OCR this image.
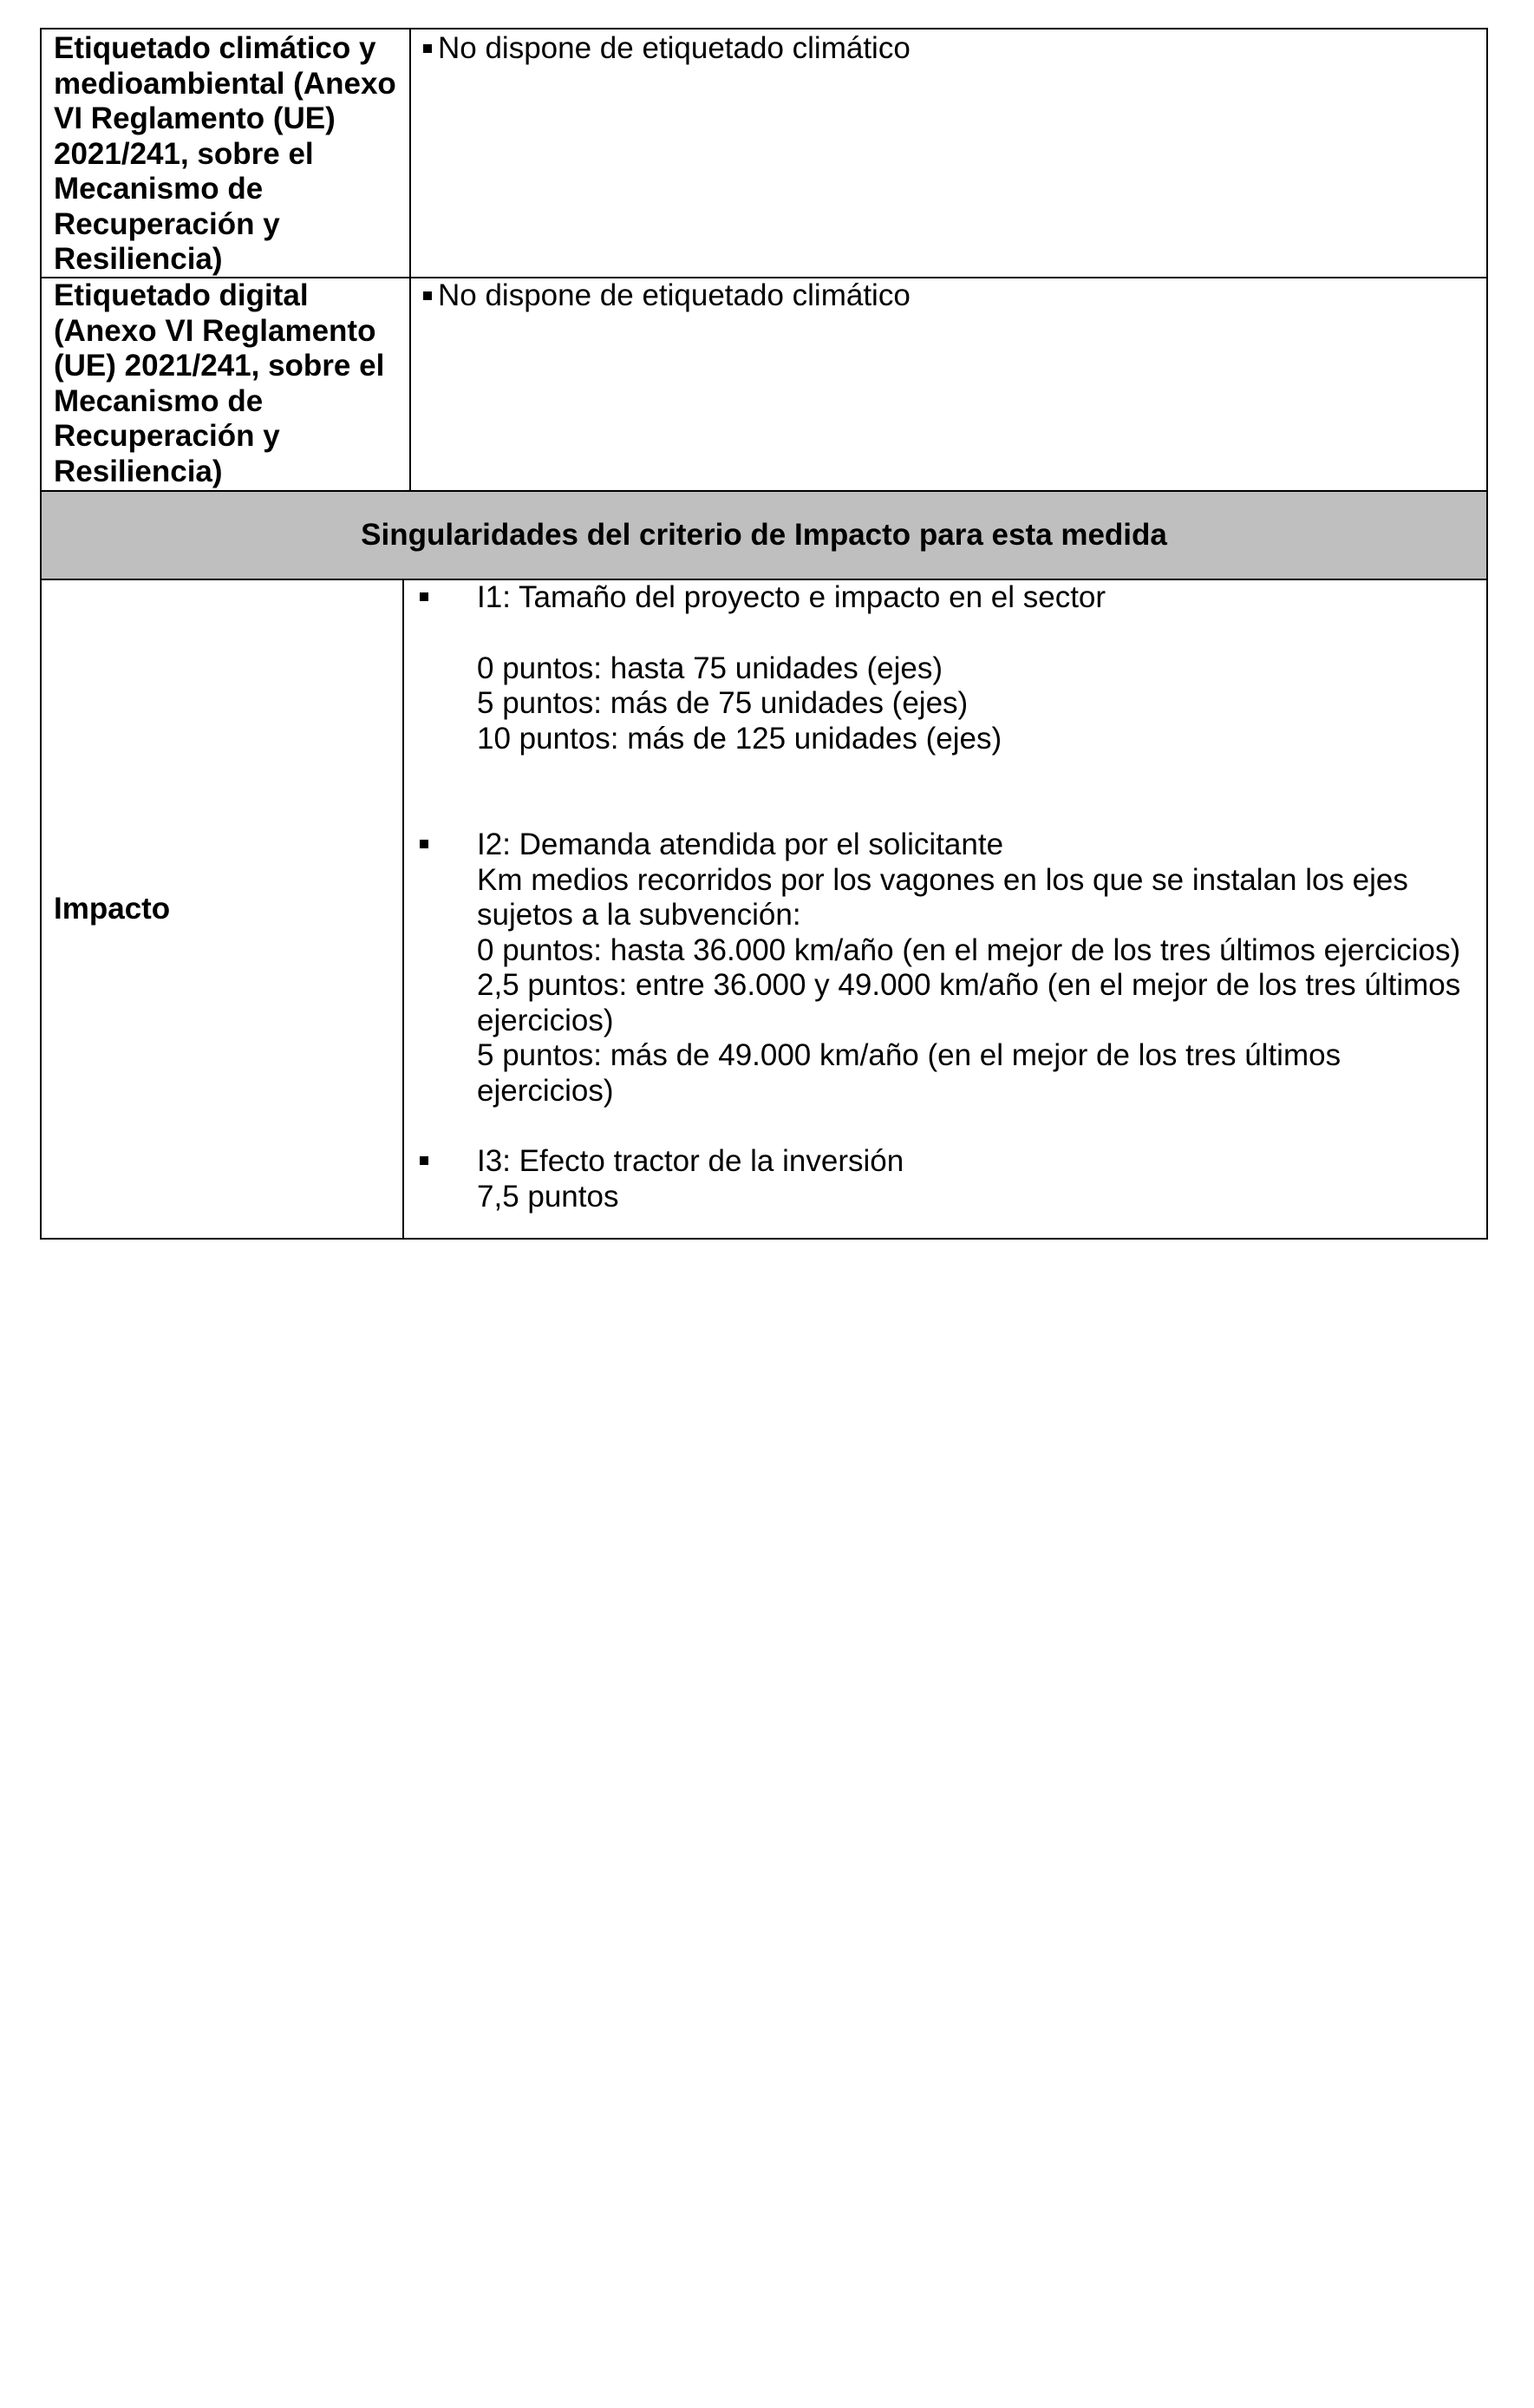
Etiquetado climático y medioambiental (Anexo VI Reglamento (UE) 2021/241, sobre el Mecanismo de Recuperación y Resiliencia)
No dispone de etiquetado climático
Etiquetado digital (Anexo VI Reglamento (UE) 2021/241, sobre el Mecanismo de Recuperación y Resiliencia)
No dispone de etiquetado climático
Singularidades del criterio de Impacto para esta medida
Impacto
I1: Tamaño del proyecto e impacto en el sector
0 puntos: hasta 75 unidades (ejes)
5 puntos: más de 75 unidades (ejes)
10 puntos: más de 125 unidades (ejes)
I2: Demanda atendida por el solicitante
Km medios recorridos por los vagones en los que se instalan los ejes sujetos a la subvención:
0 puntos: hasta 36.000 km/año (en el mejor de los tres últimos ejercicios)
2,5 puntos: entre 36.000 y 49.000 km/año (en el mejor de los tres últimos ejercicios)
5 puntos: más de 49.000 km/año (en el mejor de los tres últimos ejercicios)
I3: Efecto tractor de la inversión
7,5 puntos
